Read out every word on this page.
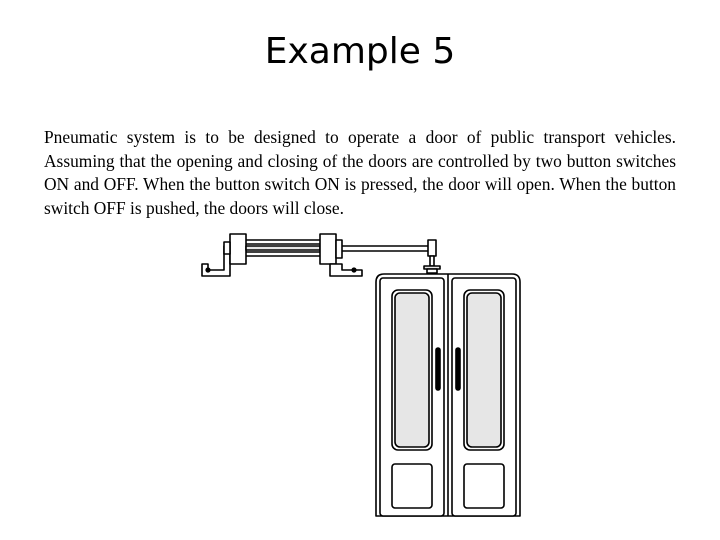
Example 5

Pneumatic system is to be designed to operate a door of public transport vehicles. Assuming that the opening and closing of the doors are controlled by two button switches ON and OFF. When the button switch ON is pressed, the door will open. When the button switch OFF is pushed, the doors will close.
